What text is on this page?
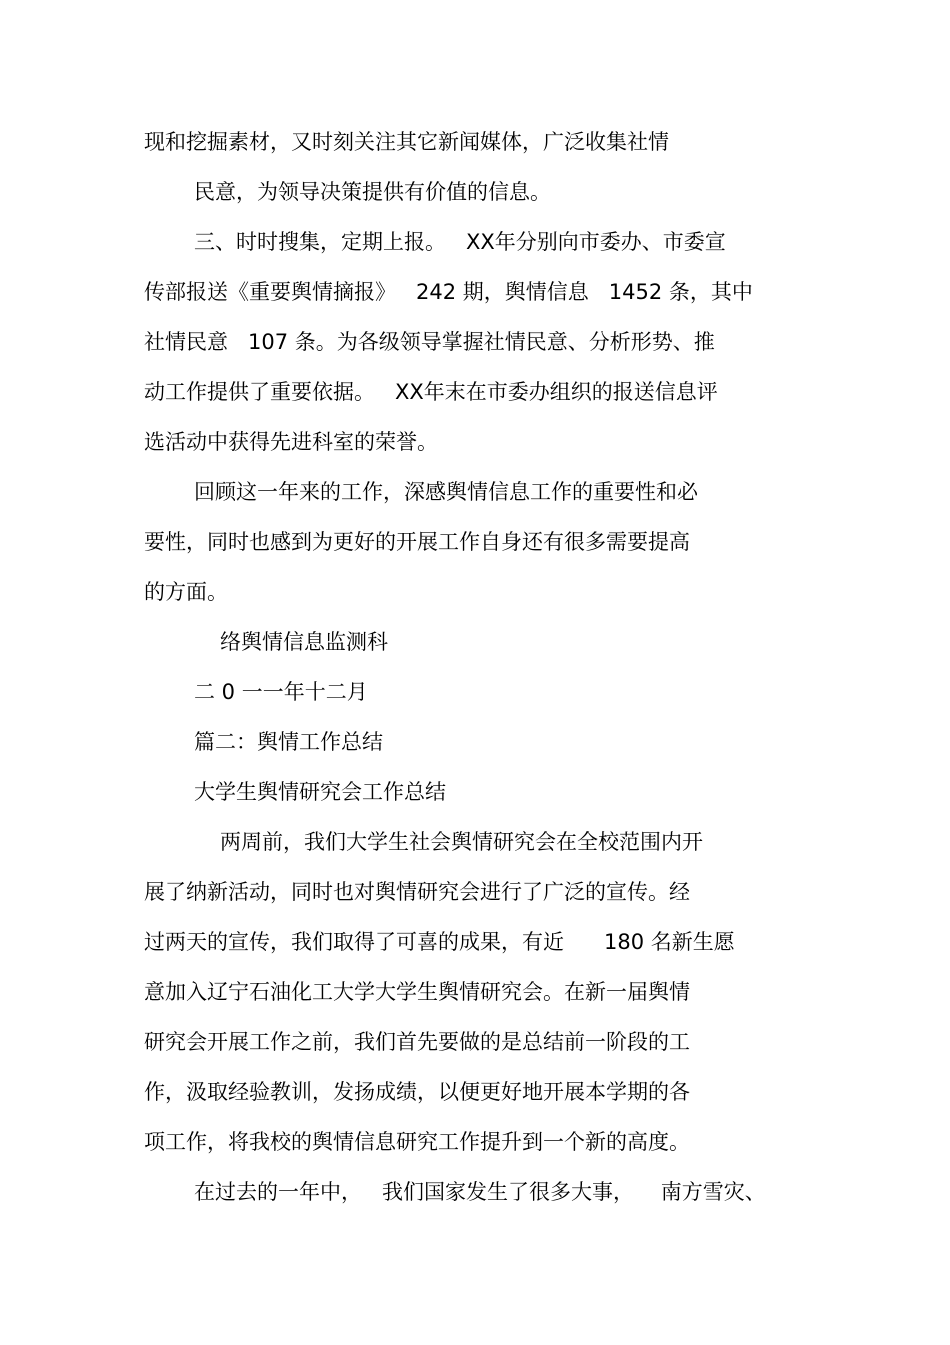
现和挖掘素材，又时刻关注其它新闻媒体，广泛收集社情

民意，为领导决策提供有价值的信息。

三、时时搜集，定期上报。   XX年分别向市委办、市委宣

传部报送《重要舆情摘报》   242 期，舆情信息   1452 条，其中

社情民意   107 条。为各级领导掌握社情民意、分析形势、推

动工作提供了重要依据。   XX年末在市委办组织的报送信息评

选活动中获得先进科室的荣誉。

回顾这一年来的工作，深感舆情信息工作的重要性和必

要性，同时也感到为更好的开展工作自身还有很多需要提高

的方面。

络舆情信息监测科

二 0 一一年十二月

篇二：舆情工作总结

大学生舆情研究会工作总结

两周前，我们大学生社会舆情研究会在全校范围内开

展了纳新活动，同时也对舆情研究会进行了广泛的宣传。经

过两天的宣传，我们取得了可喜的成果，有近      180 名新生愿

意加入辽宁石油化工大学大学生舆情研究会。在新一届舆情

研究会开展工作之前，我们首先要做的是总结前一阶段的工

作，汲取经验教训，发扬成绩，以便更好地开展本学期的各

项工作，将我校的舆情信息研究工作提升到一个新的高度。

在过去的一年中，   我们国家发生了很多大事，    南方雪灾、
